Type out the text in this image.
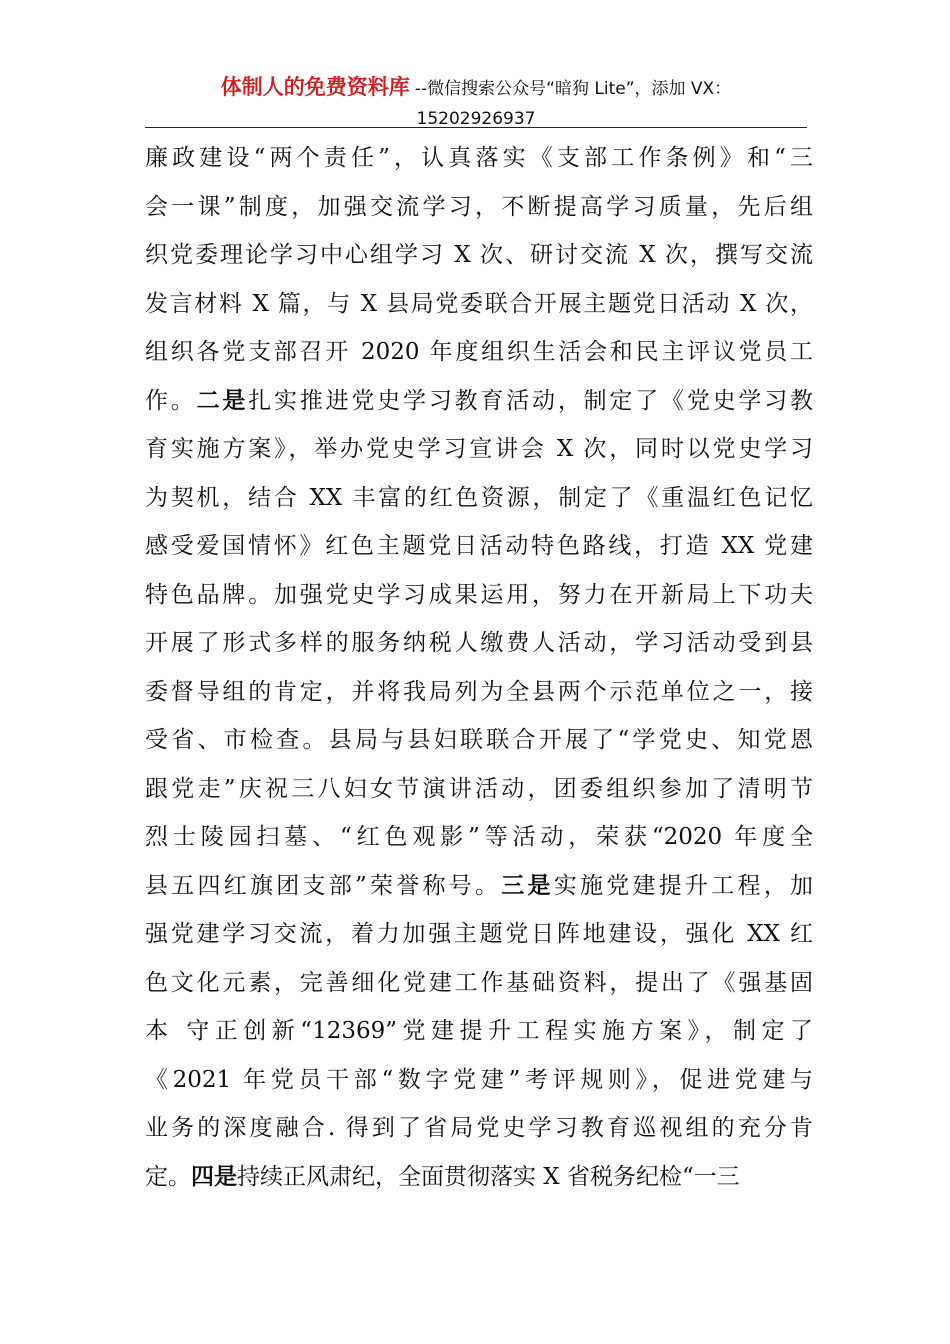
体制人的免费资料库 --微信搜索公众号“暗狗 Lite”，添加 VX：
15202926937
廉政建设“两个责任”，认真落实《支部工作条例》和“三
会一课”制度，加强交流学习，不断提高学习质量，先后组
织党委理论学习中心组学习 X 次、研讨交流 X 次，撰写交流
发言材料 X 篇，与 X 县局党委联合开展主题党日活动 X 次，
组织各党支部召开 2020 年度组织生活会和民主评议党员工
作。二是扎实推进党史学习教育活动，制定了《党史学习教
育实施方案》，举办党史学习宣讲会 X 次，同时以党史学习
为契机，结合 XX 丰富的红色资源，制定了《重温红色记忆
感受爱国情怀》红色主题党日活动特色路线，打造 XX 党建
特色品牌。加强党史学习成果运用，努力在开新局上下功夫
开展了形式多样的服务纳税人缴费人活动，学习活动受到县
委督导组的肯定，并将我局列为全县两个示范单位之一，接
受省、市检查。县局与县妇联联合开展了“学党史、知党恩
跟党走”庆祝三八妇女节演讲活动，团委组织参加了清明节
烈士陵园扫墓、“红色观影”等活动，荣获“2020 年度全
县五四红旗团支部”荣誉称号。三是实施党建提升工程，加
强党建学习交流，着力加强主题党日阵地建设，强化 XX 红
色文化元素，完善细化党建工作基础资料，提出了《强基固
本 守正创新“12369”党建提升工程实施方案》，制定了
《2021 年党员干部“数字党建”考评规则》，促进党建与
业务的深度融合. 得到了省局党史学习教育巡视组的充分肯
定。四是持续正风肃纪，全面贯彻落实 X 省税务纪检“一三
